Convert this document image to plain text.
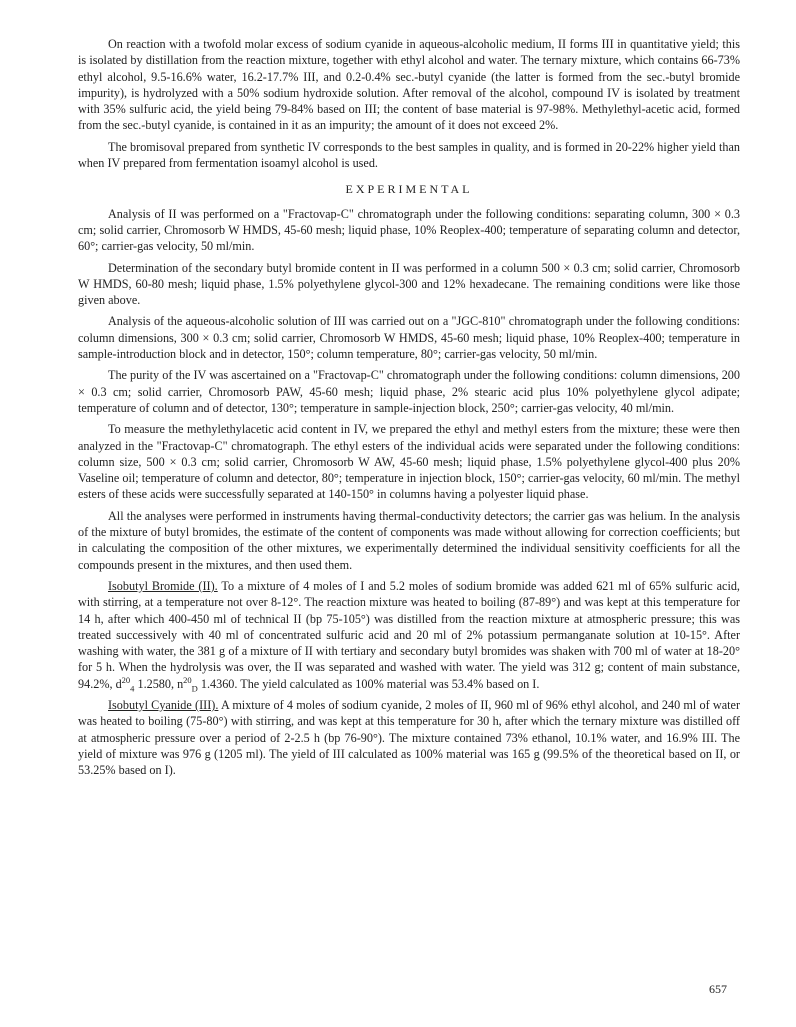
On reaction with a twofold molar excess of sodium cyanide in aqueous-alcoholic medium, II forms III in quantitative yield; this is isolated by distillation from the reaction mixture, together with ethyl alcohol and water. The ternary mixture, which contains 66-73% ethyl alcohol, 9.5-16.6% water, 16.2-17.7% III, and 0.2-0.4% sec.-butyl cyanide (the latter is formed from the sec.-butyl bromide impurity), is hydrolyzed with a 50% sodium hydroxide solution. After removal of the alcohol, compound IV is isolated by treatment with 35% sulfuric acid, the yield being 79-84% based on III; the content of base material is 97-98%. Methylethyl-acetic acid, formed from the sec.-butyl cyanide, is contained in it as an impurity; the amount of it does not exceed 2%.

The bromisoval prepared from synthetic IV corresponds to the best samples in quality, and is formed in 20-22% higher yield than when IV prepared from fermentation isoamyl alcohol is used.

EXPERIMENTAL

Analysis of II was performed on a "Fractovap-C" chromatograph under the following conditions: separating column, 300 × 0.3 cm; solid carrier, Chromosorb W HMDS, 45-60 mesh; liquid phase, 10% Reoplex-400; temperature of separating column and detector, 60°; carrier-gas velocity, 50 ml/min.

Determination of the secondary butyl bromide content in II was performed in a column 500 × 0.3 cm; solid carrier, Chromosorb W HMDS, 60-80 mesh; liquid phase, 1.5% polyethylene glycol-300 and 12% hexadecane. The remaining conditions were like those given above.

Analysis of the aqueous-alcoholic solution of III was carried out on a "JGC-810" chromatograph under the following conditions: column dimensions, 300 × 0.3 cm; solid carrier, Chromosorb W HMDS, 45-60 mesh; liquid phase, 10% Reoplex-400; temperature in sample-introduction block and in detector, 150°; column temperature, 80°; carrier-gas velocity, 50 ml/min.

The purity of the IV was ascertained on a "Fractovap-C" chromatograph under the following conditions: column dimensions, 200 × 0.3 cm; solid carrier, Chromosorb PAW, 45-60 mesh; liquid phase, 2% stearic acid plus 10% polyethylene glycol adipate; temperature of column and of detector, 130°; temperature in sample-injection block, 250°; carrier-gas velocity, 40 ml/min.

To measure the methylethylacetic acid content in IV, we prepared the ethyl and methyl esters from the mixture; these were then analyzed in the "Fractovap-C" chromatograph. The ethyl esters of the individual acids were separated under the following conditions: column size, 500 × 0.3 cm; solid carrier, Chromosorb W AW, 45-60 mesh; liquid phase, 1.5% polyethylene glycol-400 plus 20% Vaseline oil; temperature of column and detector, 80°; temperature in injection block, 150°; carrier-gas velocity, 60 ml/min. The methyl esters of these acids were successfully separated at 140-150° in columns having a polyester liquid phase.

All the analyses were performed in instruments having thermal-conductivity detectors; the carrier gas was helium. In the analysis of the mixture of butyl bromides, the estimate of the content of components was made without allowing for correction coefficients; but in calculating the composition of the other mixtures, we experimentally determined the individual sensitivity coefficients for all the compounds present in the mixtures, and then used them.

Isobutyl Bromide (II). To a mixture of 4 moles of I and 5.2 moles of sodium bromide was added 621 ml of 65% sulfuric acid, with stirring, at a temperature not over 8-12°. The reaction mixture was heated to boiling (87-89°) and was kept at this temperature for 14 h, after which 400-450 ml of technical II (bp 75-105°) was distilled from the reaction mixture at atmospheric pressure; this was treated successively with 40 ml of concentrated sulfuric acid and 20 ml of 2% potassium permanganate solution at 10-15°. After washing with water, the 381 g of a mixture of II with tertiary and secondary butyl bromides was shaken with 700 ml of water at 18-20° for 5 h. When the hydrolysis was over, the II was separated and washed with water. The yield was 312 g; content of main substance, 94.2%, $d^{20}_4$ 1.2580, $n^{20}_D$ 1.4360. The yield calculated as 100% material was 53.4% based on I.

Isobutyl Cyanide (III). A mixture of 4 moles of sodium cyanide, 2 moles of II, 960 ml of 96% ethyl alcohol, and 240 ml of water was heated to boiling (75-80°) with stirring, and was kept at this temperature for 30 h, after which the ternary mixture was distilled off at atmospheric pressure over a period of 2-2.5 h (bp 76-90°). The mixture contained 73% ethanol, 10.1% water, and 16.9% III. The yield of mixture was 976 g (1205 ml). The yield of III calculated as 100% material was 165 g (99.5% of the theoretical based on II, or 53.25% based on I).

657
